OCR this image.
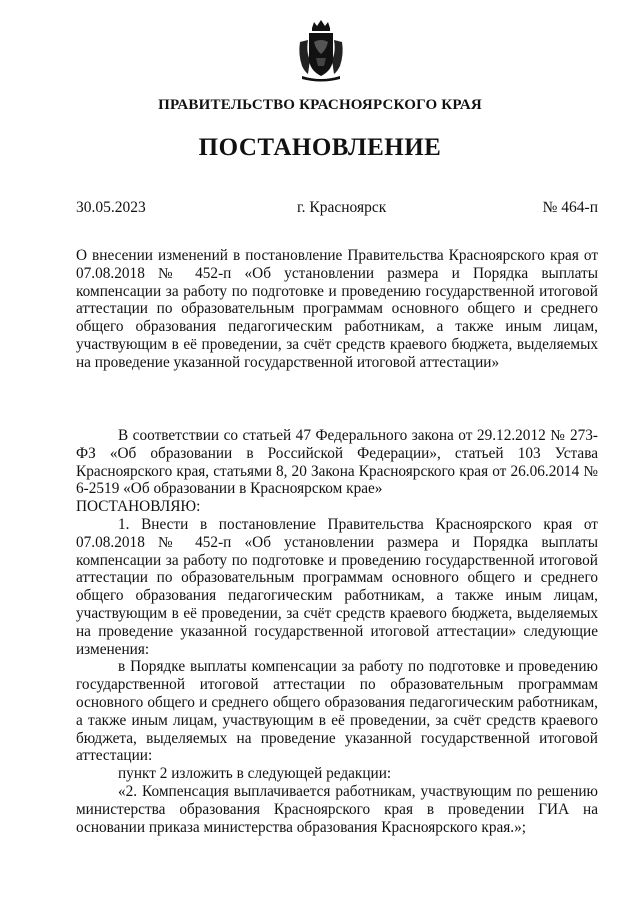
ПРАВИТЕЛЬСТВО КРАСНОЯРСКОГО КРАЯ
ПОСТАНОВЛЕНИЕ
30.05.2023	г. Красноярск	№ 464-п
О внесении изменений в постановление Правительства Красноярского края от 07.08.2018 № 452-п «Об установлении размера и Порядка выплаты компенсации за работу по подготовке и проведению государственной итоговой аттестации по образовательным программам основного общего и среднего общего образования педагогическим работникам, а также иным лицам, участвующим в её проведении, за счёт средств краевого бюджета, выделяемых на проведение указанной государственной итоговой аттестации»

В соответствии со статьей 47 Федерального закона от 29.12.2012 № 273-ФЗ «Об образовании в Российской Федерации», статьей 103 Устава Красноярского края, статьями 8, 20 Закона Красноярского края от 26.06.2014 № 6-2519 «Об образовании в Красноярском крае»

ПОСТАНОВЛЯЮ:

1. Внести в постановление Правительства Красноярского края от 07.08.2018 № 452-п «Об установлении размера и Порядка выплаты компенсации за работу по подготовке и проведению государственной итоговой аттестации по образовательным программам основного общего и среднего общего образования педагогическим работникам, а также иным лицам, участвующим в её проведении, за счёт средств краевого бюджета, выделяемых на проведение указанной государственной итоговой аттестации» следующие изменения:

в Порядке выплаты компенсации за работу по подготовке и проведению государственной итоговой аттестации по образовательным программам основного общего и среднего общего образования педагогическим работникам, а также иным лицам, участвующим в её проведении, за счёт средств краевого бюджета, выделяемых на проведение указанной государственной итоговой аттестации:

пункт 2 изложить в следующей редакции:

«2. Компенсация выплачивается работникам, участвующим по решению министерства образования Красноярского края в проведении ГИА на основании приказа министерства образования Красноярского края.»;
